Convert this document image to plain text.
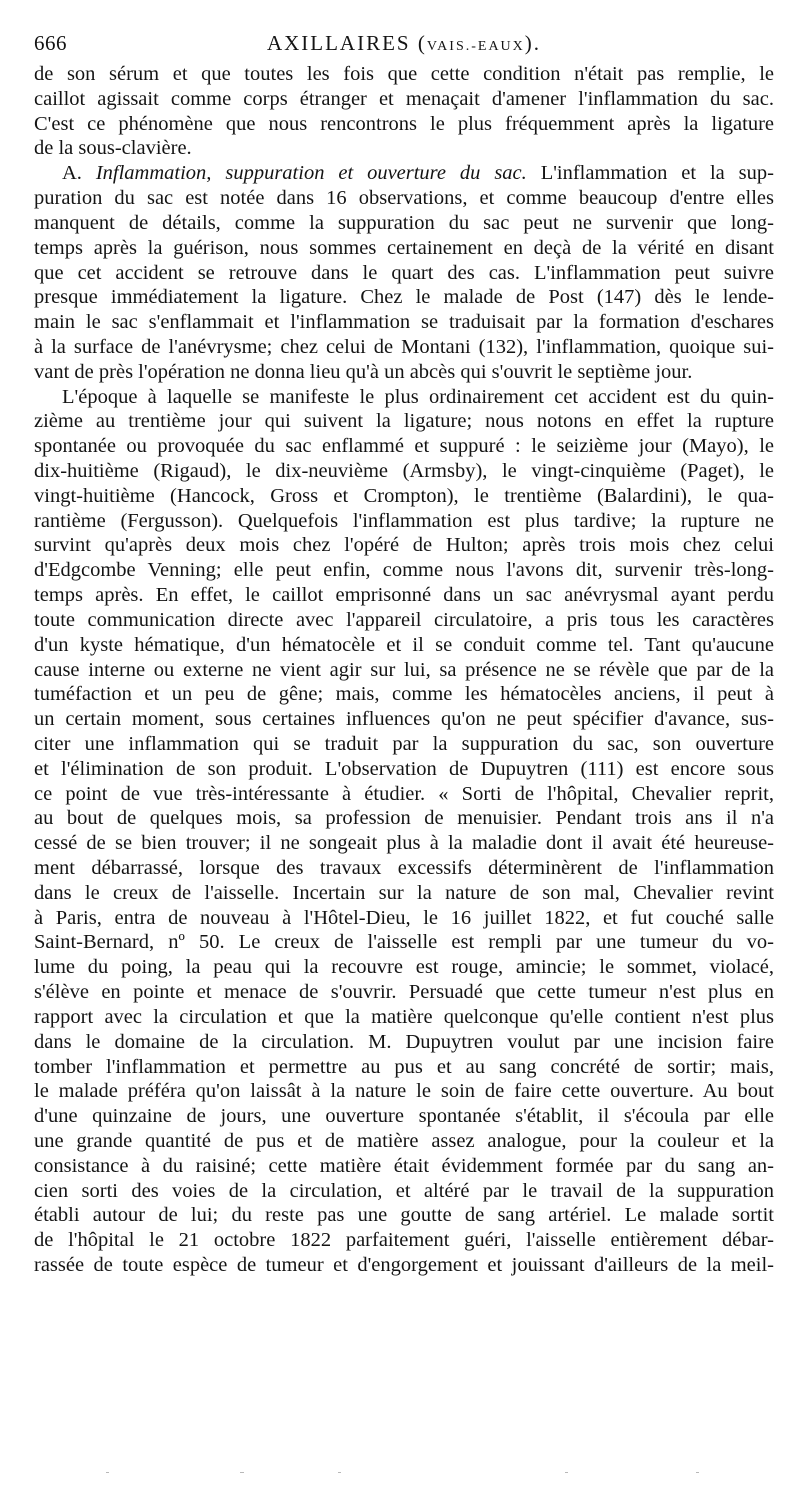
666	AXILLAIRES (VAIS.-EAUX).
de son sérum et que toutes les fois que cette condition n'était pas remplie, le
caillot agissait comme corps étranger et menaçait d'amener l'inflammation du sac.
C'est ce phénomène que nous rencontrons le plus fréquemment après la ligature
de la sous-clavière.
A. Inflammation, suppuration et ouverture du sac. L'inflammation et la sup-
puration du sac est notée dans 16 observations, et comme beaucoup d'entre elles
manquent de détails, comme la suppuration du sac peut ne survenir que long-
temps après la guérison, nous sommes certainement en deçà de la vérité en disant
que cet accident se retrouve dans le quart des cas. L'inflammation peut suivre
presque immédiatement la ligature. Chez le malade de Post (147) dès le lende-
main le sac s'enflammait et l'inflammation se traduisait par la formation d'eschares
à la surface de l'anévrysme; chez celui de Montani (132), l'inflammation, quoique sui-
vant de près l'opération ne donna lieu qu'à un abcès qui s'ouvrit le septième jour.
L'époque à laquelle se manifeste le plus ordinairement cet accident est du quin-
zième au trentième jour qui suivent la ligature; nous notons en effet la rupture
spontanée ou provoquée du sac enflammé et suppuré : le seizième jour (Mayo), le
dix-huitième (Rigaud), le dix-neuvième (Armsby), le vingt-cinquième (Paget), le
vingt-huitième (Hancock, Gross et Crompton), le trentième (Balardini), le qua-
rantième (Fergusson). Quelquefois l'inflammation est plus tardive; la rupture ne
survint qu'après deux mois chez l'opéré de Hulton; après trois mois chez celui
d'Edgcombe Venning; elle peut enfin, comme nous l'avons dit, survenir très-long-
temps après. En effet, le caillot emprisonné dans un sac anévrysmal ayant perdu
toute communication directe avec l'appareil circulatoire, a pris tous les caractères
d'un kyste hématique, d'un hématocèle et il se conduit comme tel. Tant qu'aucune
cause interne ou externe ne vient agir sur lui, sa présence ne se révèle que par de la
tuméfaction et un peu de gêne; mais, comme les hématocèles anciens, il peut à
un certain moment, sous certaines influences qu'on ne peut spécifier d'avance, sus-
citer une inflammation qui se traduit par la suppuration du sac, son ouverture
et l'élimination de son produit. L'observation de Dupuytren (111) est encore sous
ce point de vue très-intéressante à étudier. « Sorti de l'hôpital, Chevalier reprit,
au bout de quelques mois, sa profession de menuisier. Pendant trois ans il n'a
cessé de se bien trouver; il ne songeait plus à la maladie dont il avait été heureuse-
ment débarrassé, lorsque des travaux excessifs déterminèrent de l'inflammation
dans le creux de l'aisselle. Incertain sur la nature de son mal, Chevalier revint
à Paris, entra de nouveau à l'Hôtel-Dieu, le 16 juillet 1822, et fut couché salle
Saint-Bernard, nº 50. Le creux de l'aisselle est rempli par une tumeur du vo-
lume du poing, la peau qui la recouvre est rouge, amincie; le sommet, violacé,
s'élève en pointe et menace de s'ouvrir. Persuadé que cette tumeur n'est plus en
rapport avec la circulation et que la matière quelconque qu'elle contient n'est plus
dans le domaine de la circulation. M. Dupuytren voulut par une incision faire
tomber l'inflammation et permettre au pus et au sang concrété de sortir; mais,
le malade préféra qu'on laissât à la nature le soin de faire cette ouverture. Au bout
d'une quinzaine de jours, une ouverture spontanée s'établit, il s'écoula par elle
une grande quantité de pus et de matière assez analogue, pour la couleur et la
consistance à du raisiné; cette matière était évidemment formée par du sang an-
cien sorti des voies de la circulation, et altéré par le travail de la suppuration
établi autour de lui; du reste pas une goutte de sang artériel. Le malade sortit
de l'hôpital le 21 octobre 1822 parfaitement guéri, l'aisselle entièrement débar-
rassée de toute espèce de tumeur et d'engorgement et jouissant d'ailleurs de la meil-
